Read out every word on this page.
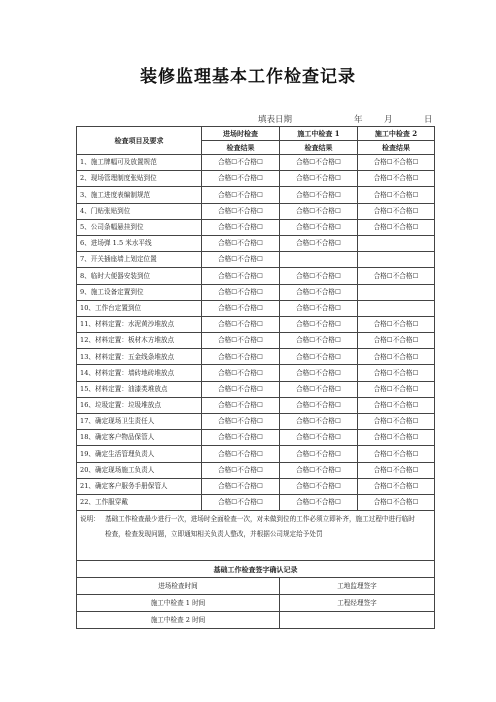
装修监理基本工作检查记录
填表日期	年	月	日
检查项目及要求	进场时检查	施工中检查 1	施工中检查 2
	检查结果	检查结果	检查结果
1、施工牌幅可及放置规范	合格☐不合格☐	合格☐不合格☐	合格☐不合格☐
2、现场管理制度张贴到位	合格☐不合格☐	合格☐不合格☐	合格☐不合格☐
3、施工进度表编制规范	合格☐不合格☐	合格☐不合格☐	合格☐不合格☐
4、门贴张贴到位	合格☐不合格☐	合格☐不合格☐	合格☐不合格☐
5、公司条幅悬挂到位	合格☐不合格☐	合格☐不合格☐	合格☐不合格☐
6、进场弹 1.5 米水平线	合格☐不合格☐	合格☐不合格☐	
7、开关插座墙上划定位置	合格☐不合格☐		
8、临时大便器安装到位	合格☐不合格☐	合格☐不合格☐	合格☐不合格☐
9、施工设备定置到位	合格☐不合格☐	合格☐不合格☐	
10、工作台定置到位	合格☐不合格☐	合格☐不合格☐	
11、材料定置：水泥黄沙堆放点	合格☐不合格☐	合格☐不合格☐	合格☐不合格☐
12、材料定置：板材木方堆放点	合格☐不合格☐	合格☐不合格☐	合格☐不合格☐
13、材料定置：五金线条堆放点	合格☐不合格☐	合格☐不合格☐	合格☐不合格☐
14、材料定置：墙砖地砖堆放点	合格☐不合格☐	合格☐不合格☐	合格☐不合格☐
15、材料定置：油漆类堆放点	合格☐不合格☐	合格☐不合格☐	合格☐不合格☐
16、垃圾定置：垃圾堆放点	合格☐不合格☐	合格☐不合格☐	合格☐不合格☐
17、确定现场卫生责任人	合格☐不合格☐	合格☐不合格☐	合格☐不合格☐
18、确定客户物品保管人	合格☐不合格☐	合格☐不合格☐	合格☐不合格☐
19、确定生活管理负责人	合格☐不合格☐	合格☐不合格☐	合格☐不合格☐
20、确定现场施工负责人	合格☐不合格☐	合格☐不合格☐	合格☐不合格☐
21、确定客户服务手册保管人	合格☐不合格☐	合格☐不合格☐	合格☐不合格☐
22、工作服穿戴	合格☐不合格☐	合格☐不合格☐	合格☐不合格☐
说明： 基础工作检查最少进行一次，进场时全面检查一次，对未做到位的工作必须立即补齐，施工过程中进行临时检查，检查发现问题，立即通知相关负责人整改，并根据公司规定给予处罚			
基础工作检查签字确认记录			
进场检查时间		工地监理签字	
施工中检查 1 时间		工程经理签字	
施工中检查 2 时间			
